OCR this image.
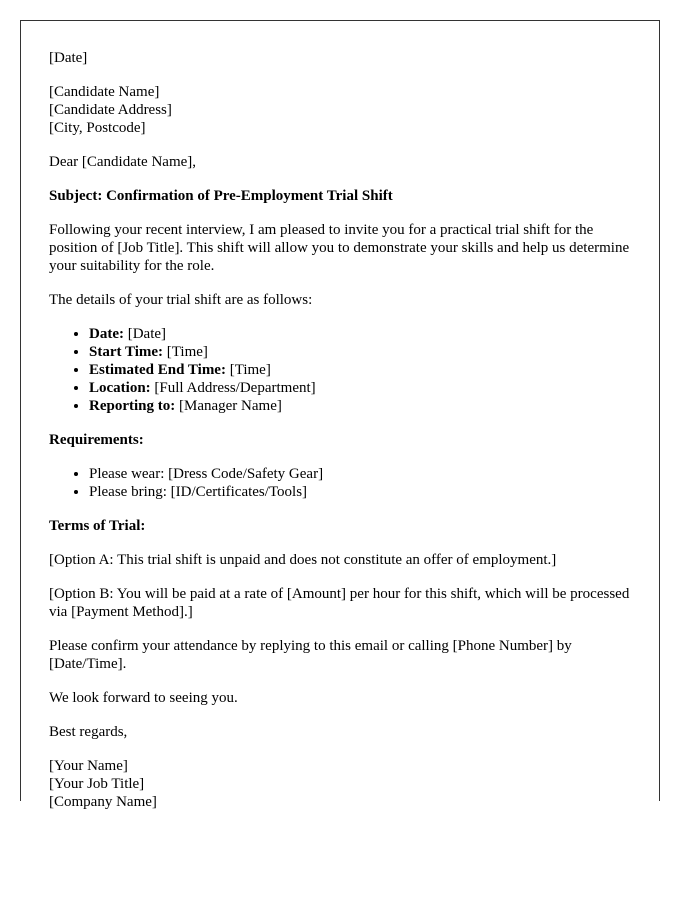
[Date]

[Candidate Name]
[Candidate Address]
[City, Postcode]

Dear [Candidate Name],

Subject: Confirmation of Pre-Employment Trial Shift

Following your recent interview, I am pleased to invite you for a practical trial shift for the position of [Job Title]. This shift will allow you to demonstrate your skills and help us determine your suitability for the role.

The details of your trial shift are as follows:

• Date: [Date]
• Start Time: [Time]
• Estimated End Time: [Time]
• Location: [Full Address/Department]
• Reporting to: [Manager Name]

Requirements:

• Please wear: [Dress Code/Safety Gear]
• Please bring: [ID/Certificates/Tools]

Terms of Trial:

[Option A: This trial shift is unpaid and does not constitute an offer of employment.]

[Option B: You will be paid at a rate of [Amount] per hour for this shift, which will be processed via [Payment Method].]

Please confirm your attendance by replying to this email or calling [Phone Number] by [Date/Time].

We look forward to seeing you.

Best regards,

[Your Name]
[Your Job Title]
[Company Name]
